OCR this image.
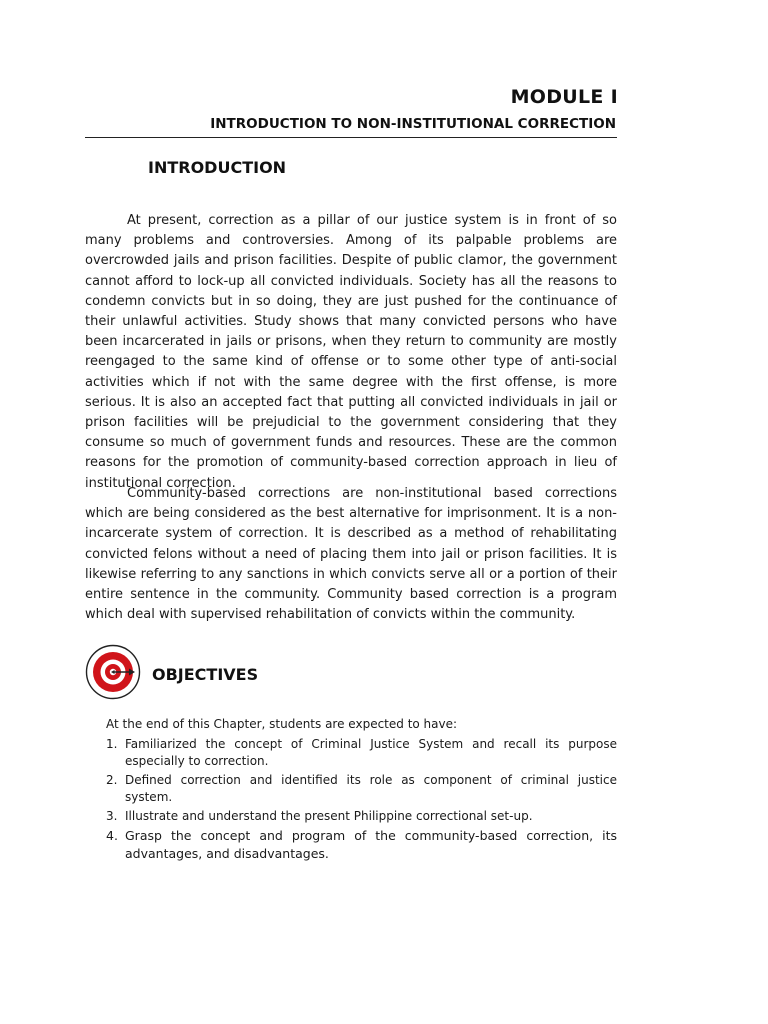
MODULE I
INTRODUCTION TO NON-INSTITUTIONAL CORRECTION
INTRODUCTION

At present, correction as a pillar of our justice system is in front of so many problems and controversies. Among of its palpable problems are overcrowded jails and prison facilities. Despite of public clamor, the government cannot afford to lock-up all convicted individuals. Society has all the reasons to condemn convicts but in so doing, they are just pushed for the continuance of their unlawful activities. Study shows that many convicted persons who have been incarcerated in jails or prisons, when they return to community are mostly reengaged to the same kind of offense or to some other type of anti-social activities which if not with the same degree with the first offense, is more serious. It is also an accepted fact that putting all convicted individuals in jail or prison facilities will be prejudicial to the government considering that they consume so much of government funds and resources. These are the common reasons for the promotion of community-based correction approach in lieu of institutional correction.

Community-based corrections are non-institutional based corrections which are being considered as the best alternative for imprisonment. It is a non-incarcerate system of correction. It is described as a method of rehabilitating convicted felons without a need of placing them into jail or prison facilities. It is likewise referring to any sanctions in which convicts serve all or a portion of their entire sentence in the community. Community based correction is a program which deal with supervised rehabilitation of convicts within the community.

OBJECTIVES
At the end of this Chapter, students are expected to have:
1. Familiarized the concept of Criminal Justice System and recall its purpose especially to correction.
2. Defined correction and identified its role as component of criminal justice system.
3. Illustrate and understand the present Philippine correctional set-up.
4. Grasp the concept and program of the community-based correction, its advantages, and disadvantages.
